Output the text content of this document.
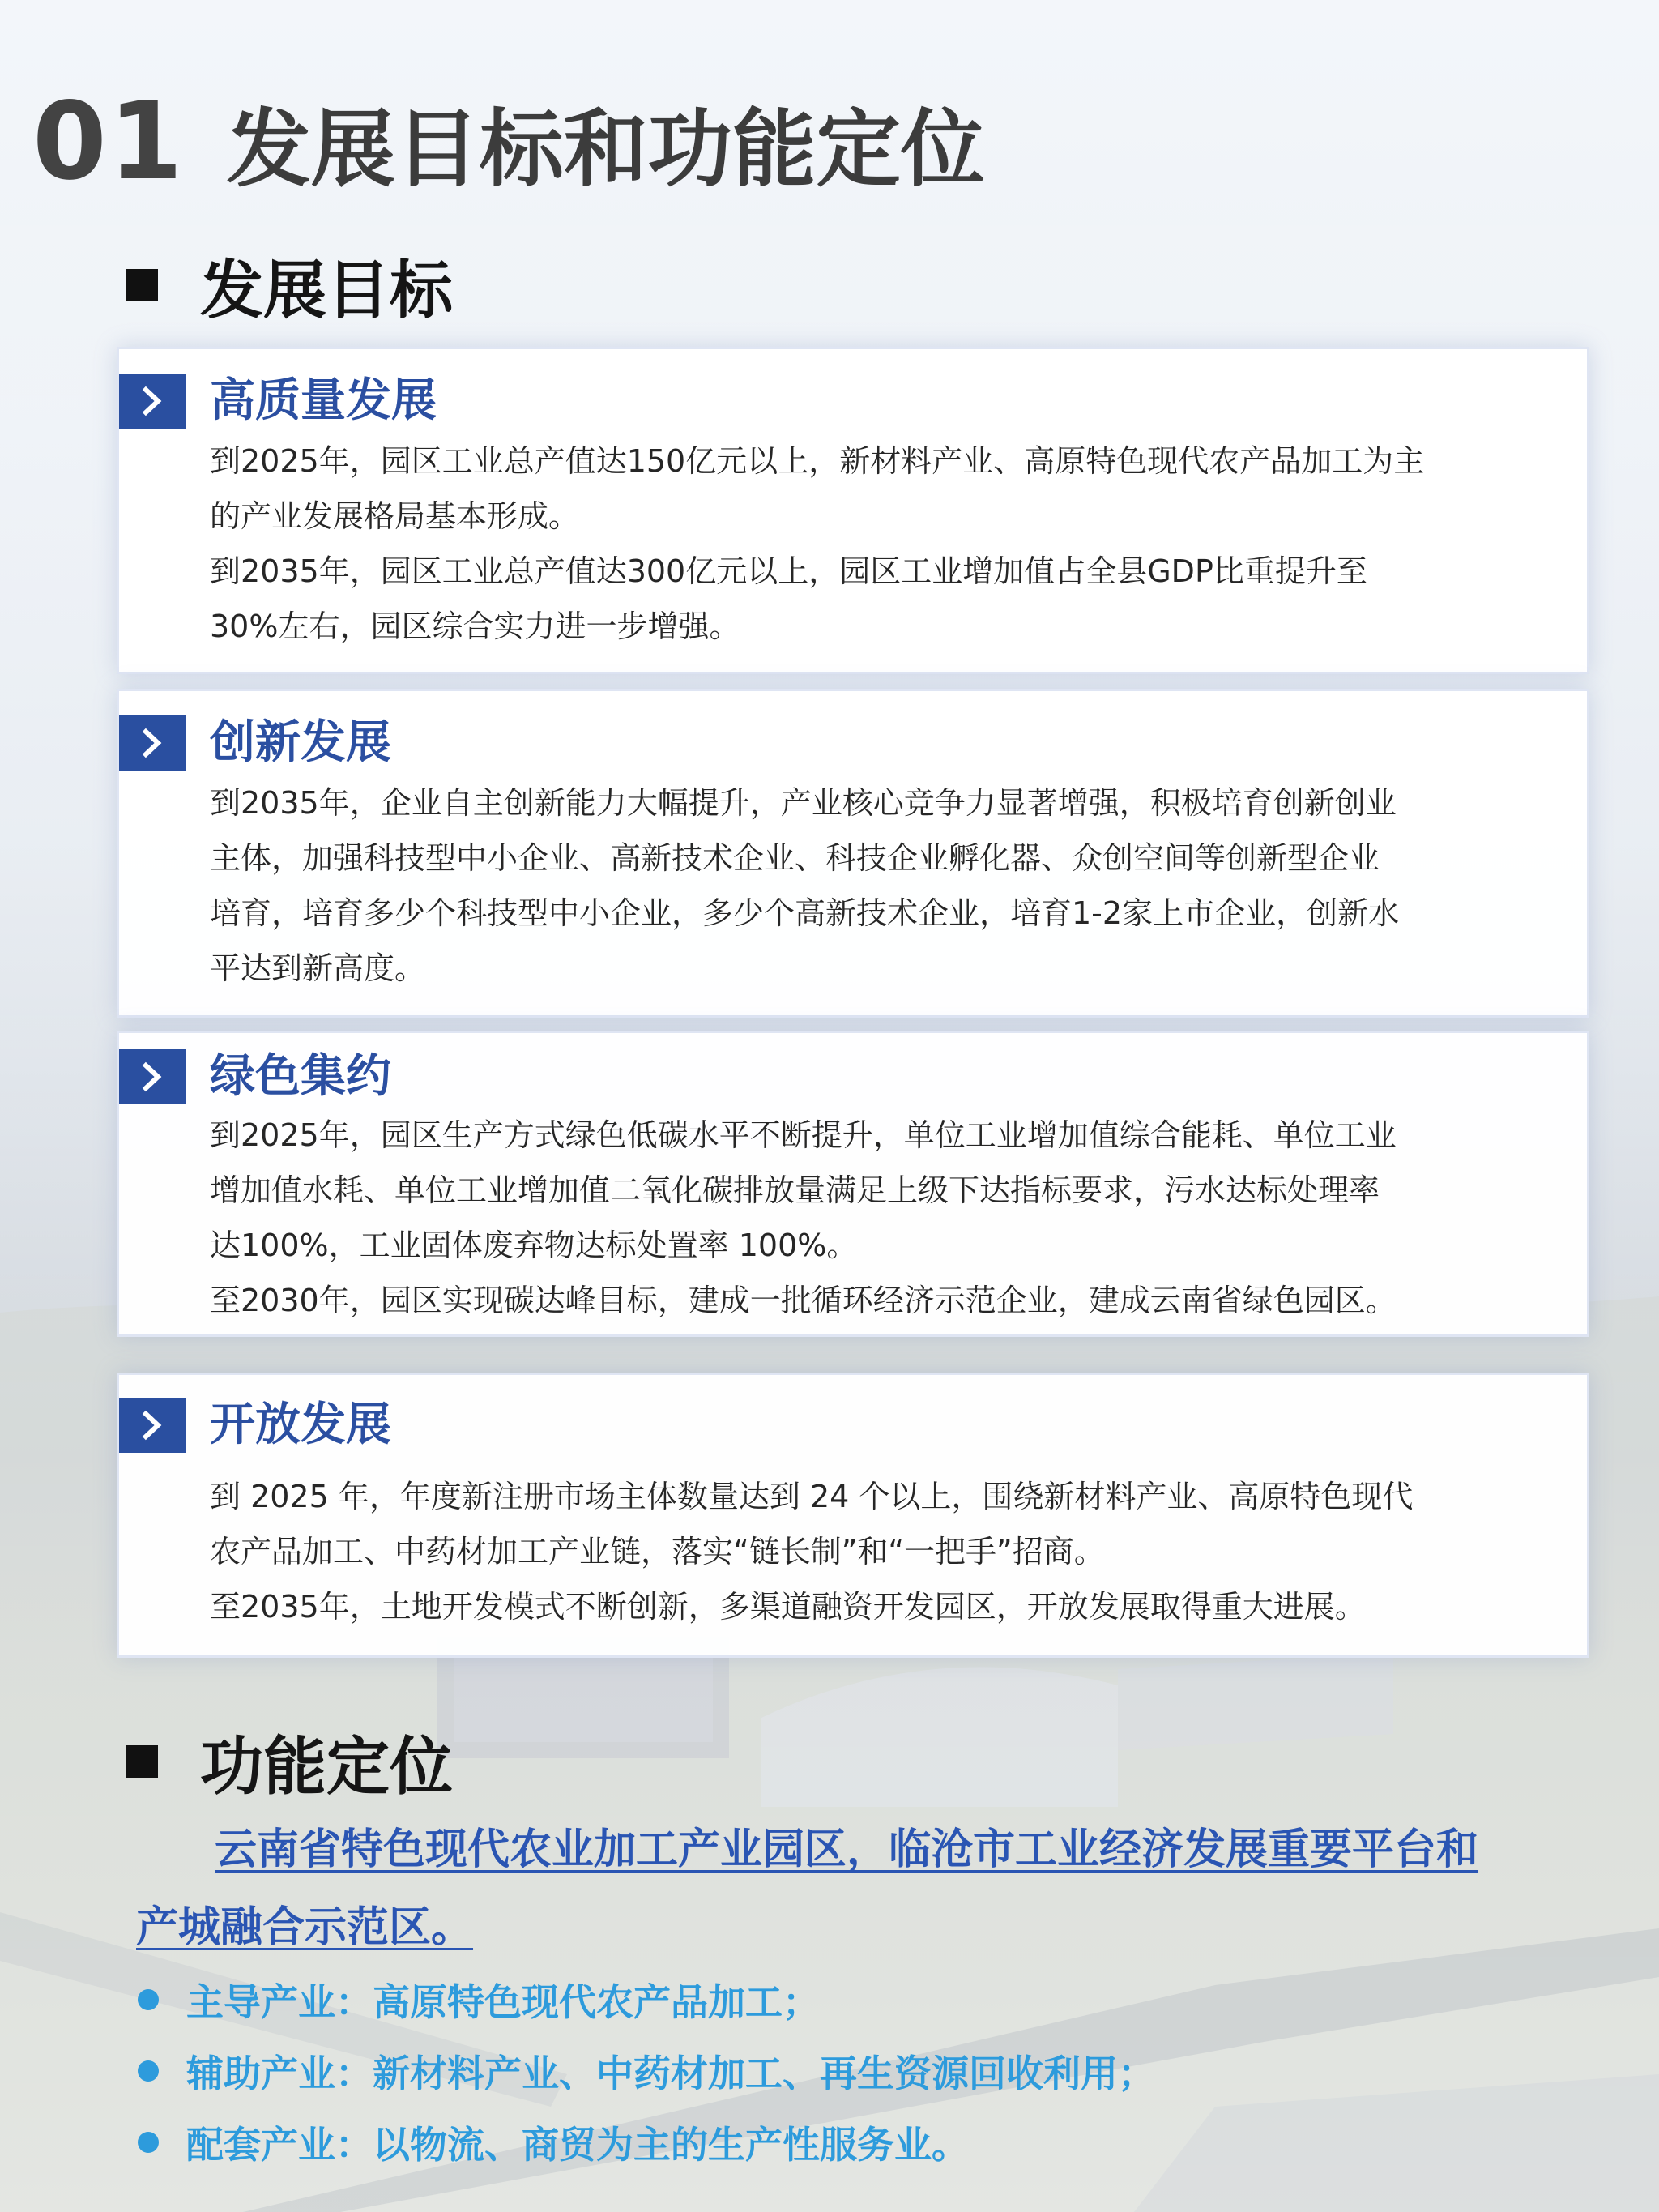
01 发展目标和功能定位
发展目标
高质量发展

到2025年，园区工业总产值达150亿元以上，新材料产业、高原特色现代农产品加工为主

的产业发展格局基本形成。

到2035年，园区工业总产值达300亿元以上，园区工业增加值占全县GDP比重提升至

30%左右，园区综合实力进一步增强。

创新发展

到2035年，企业自主创新能力大幅提升，产业核心竞争力显著增强，积极培育创新创业

主体，加强科技型中小企业、高新技术企业、科技企业孵化器、众创空间等创新型企业

培育，培育多少个科技型中小企业，多少个高新技术企业，培育1-2家上市企业，创新水

平达到新高度。

绿色集约

到2025年，园区生产方式绿色低碳水平不断提升，单位工业增加值综合能耗、单位工业

增加值水耗、单位工业增加值二氧化碳排放量满足上级下达指标要求，污水达标处理率

达100%，工业固体废弃物达标处置率 100%。

至2030年，园区实现碳达峰目标，建成一批循环经济示范企业，建成云南省绿色园区。

开放发展

到 2025 年，年度新注册市场主体数量达到 24 个以上，围绕新材料产业、高原特色现代

农产品加工、中药材加工产业链，落实“链长制”和“一把手”招商。

至2035年，土地开发模式不断创新，多渠道融资开发园区，开放发展取得重大进展。

功能定位
云南省特色现代农业加工产业园区，临沧市工业经济发展重要平台和
产城融合示范区。
主导产业：高原特色现代农产品加工；
辅助产业：新材料产业、中药材加工、再生资源回收利用；
配套产业：以物流、商贸为主的生产性服务业。
